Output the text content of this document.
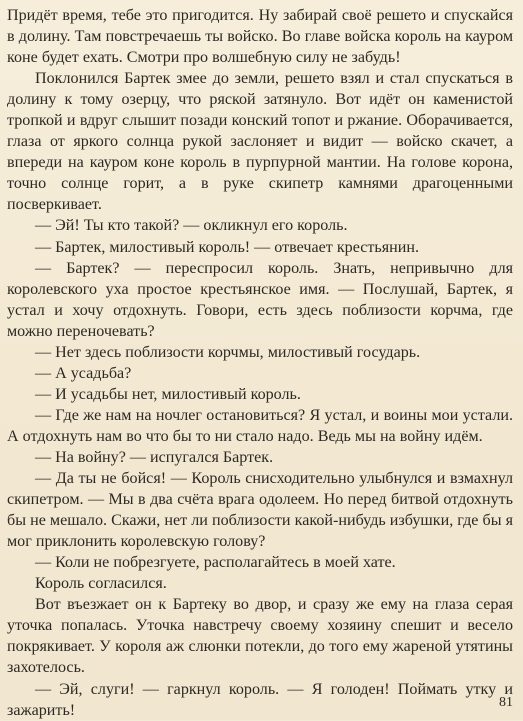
Придёт время, тебе это пригодится. Ну забирай своё решето и спускайся в долину. Там повстречаешь ты войско. Во главе войска король на кауром коне будет ехать. Смотри про волшебную силу не забудь!

Поклонился Бартек змее до земли, решето взял и стал спускаться в долину к тому озерцу, что ряской затянуло. Вот идёт он каменистой тропкой и вдруг слышит позади конский топот и ржание. Оборачивается, глаза от яркого солнца рукой заслоняет и видит — войско скачет, а впереди на кауром коне король в пурпурной мантии. На голове корона, точно солнце горит, а в руке скипетр камнями драгоценными посверкивает.

— Эй! Ты кто такой? — окликнул его король.

— Бартек, милостивый король! — отвечает крестьянин.

— Бартек? — переспросил король. Знать, непривычно для королевского уха простое крестьянское имя. — Послушай, Бартек, я устал и хочу отдохнуть. Говори, есть здесь поблизости корчма, где можно переночевать?

— Нет здесь поблизости корчмы, милостивый государь.

— А усадьба?

— И усадьбы нет, милостивый король.

— Где же нам на ночлег остановиться? Я устал, и воины мои устали. А отдохнуть нам во что бы то ни стало надо. Ведь мы на войну идём.

— На войну? — испугался Бартек.

— Да ты не бойся! — Король снисходительно улыбнулся и взмахнул скипетром. — Мы в два счёта врага одолеем. Но перед битвой отдохнуть бы не мешало. Скажи, нет ли поблизости какой-нибудь избушки, где бы я мог приклонить королевскую голову?

— Коли не побрезгуете, располагайтесь в моей хате.

Король согласился.

Вот въезжает он к Бартеку во двор, и сразу же ему на глаза серая уточка попалась. Уточка навстречу своему хозяину спешит и весело покрякивает. У короля аж слюнки потекли, до того ему жареной утятины захотелось.

— Эй, слуги! — гаркнул король. — Я голоден! Поймать утку и зажарить!	81
